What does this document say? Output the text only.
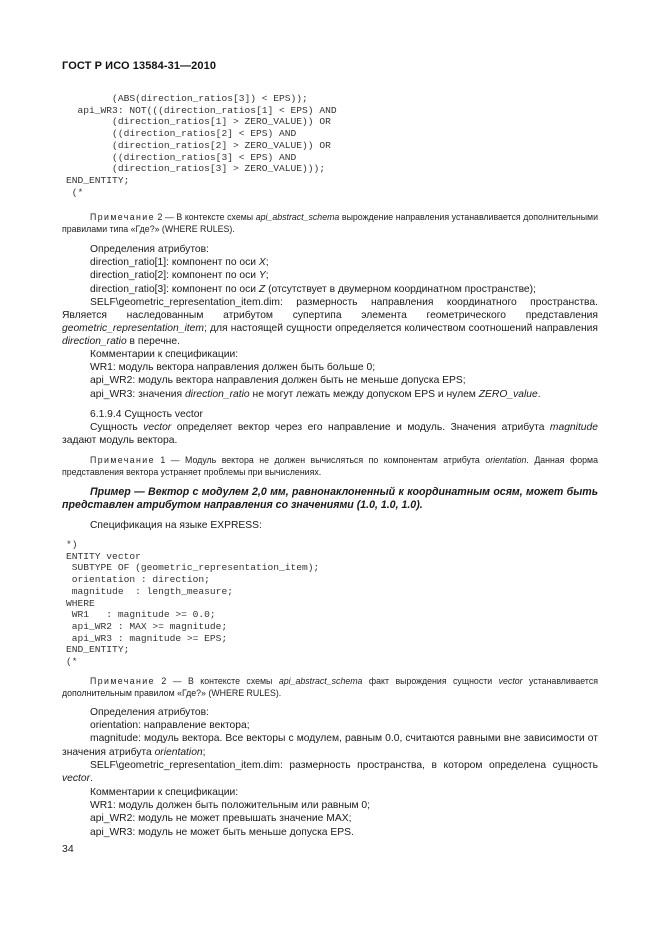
ГОСТ Р ИСО 13584-31—2010
(ABS(direction_ratios[3]) < EPS));
api_WR3: NOT(((direction_ratios[1] < EPS) AND
(direction_ratios[1] > ZERO_VALUE)) OR
((direction_ratios[2] < EPS) AND
(direction_ratios[2] > ZERO_VALUE)) OR
((direction_ratios[3] < EPS) AND
(direction_ratios[3] > ZERO_VALUE)));
END_ENTITY;
(*

Примечание 2 — В контексте схемы api_abstract_schema вырождение направления устанавливается дополнительными правилами типа «Где?» (WHERE RULES).

Определения атрибутов:

direction_ratio[1]: компонент по оси X;

direction_ratio[2]: компонент по оси Y;

direction_ratio[3]: компонент по оси Z (отсутствует в двумерном координатном пространстве);

SELF\geometric_representation_item.dim: размерность направления координатного пространства. Является наследованным атрибутом супертипа элемента геометрического представления geometric_representation_item; для настоящей сущности определяется количеством соотношений направления direction_ratio в перечне.

Комментарии к спецификации:

WR1: модуль вектора направления должен быть больше 0;

api_WR2: модуль вектора направления должен быть не меньше допуска EPS;

api_WR3: значения direction_ratio не могут лежать между допуском EPS и нулем ZERO_value.

6.1.9.4 Сущность vector

Сущность vector определяет вектор через его направление и модуль. Значения атрибута magnitude задают модуль вектора.

Примечание 1 — Модуль вектора не должен вычисляться по компонентам атрибута orientation. Данная форма представления вектора устраняет проблемы при вычислениях.

Пример — Вектор с модулем 2,0 мм, равнонаклоненный к координатным осям, может быть представлен атрибутом направления со значениями (1.0, 1.0, 1.0).

Спецификация на языке EXPRESS:

*)
ENTITY vector
SUBTYPE OF (geometric_representation_item);
orientation : direction;
magnitude  : length_measure;
WHERE
WR1   : magnitude >= 0.0;
api_WR2 : MAX >= magnitude;
api_WR3 : magnitude >= EPS;
END_ENTITY;
(*

Примечание 2 — В контексте схемы api_abstract_schema факт вырождения сущности vector устанавливается дополнительным правилом «Где?» (WHERE RULES).

Определения атрибутов:

orientation: направление вектора;

magnitude: модуль вектора. Все векторы с модулем, равным 0.0, считаются равными вне зависимости от значения атрибута orientation;

SELF\geometric_representation_item.dim: размерность пространства, в котором определена сущность vector.

Комментарии к спецификации:

WR1: модуль должен быть положительным или равным 0;

api_WR2: модуль не может превышать значение MAX;

api_WR3: модуль не может быть меньше допуска EPS.

34
